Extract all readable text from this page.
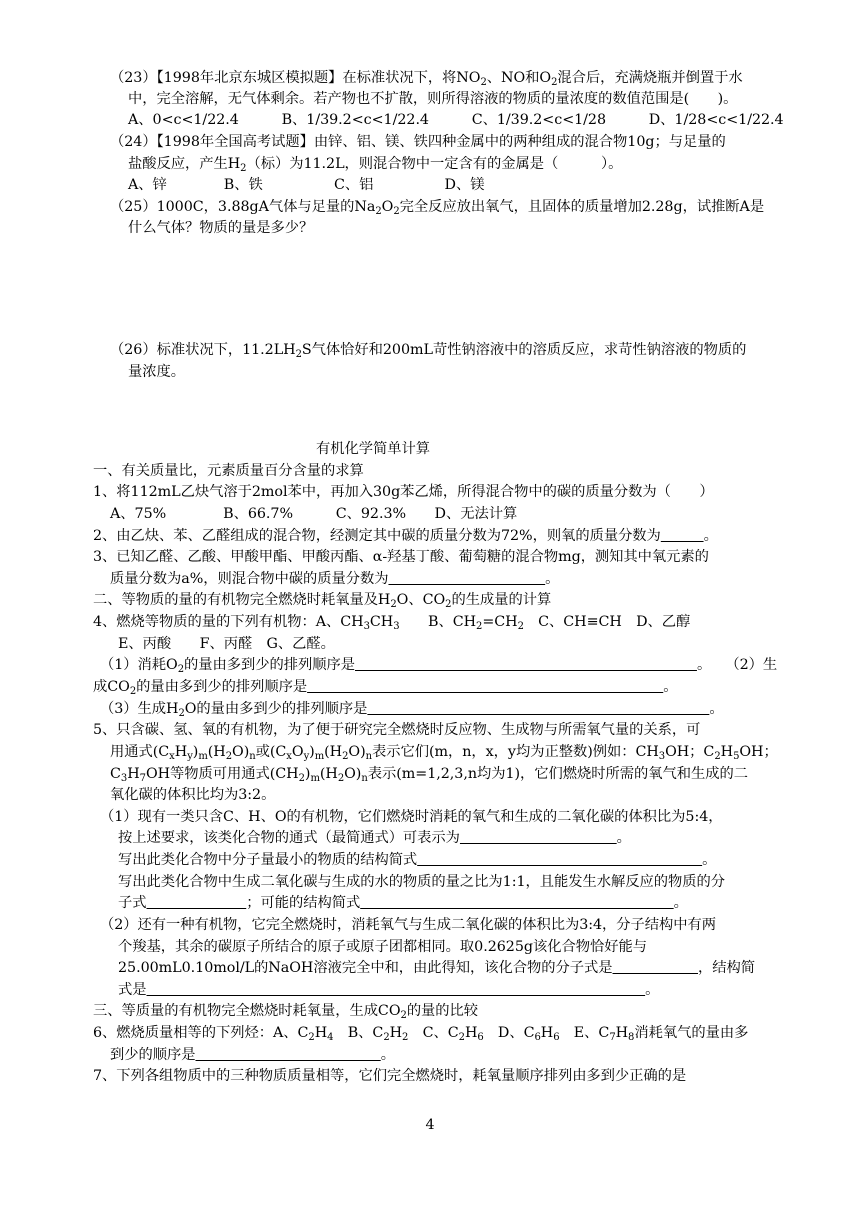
（23）【1998年北京东城区模拟题】在标准状况下，将$NO_2$、NO和$O_2$混合后，充满烧瓶并倒置于水
中，完全溶解，无气体剩余。若产物也不扩散，则所得溶液的物质的量浓度的数值范围是(　　)。
A、0<c<1/22.4　　　B、1/39.2<c<1/22.4　　　C、1/39.2<c<1/28　　　D、1/28<c<1/22.4
（24）【1998年全国高考试题】由锌、铝、镁、铁四种金属中的两种组成的混合物10g；与足量的
盐酸反应，产生$H_2$（标）为11.2L，则混合物中一定含有的金属是（　　　）。
A、锌　　　　B、铁　　　　　C、铝　　　　　D、镁
（25）1000C，3.88gA气体与足量的$Na_2O_2$完全反应放出氧气，且固体的质量增加2.28g，试推断A是
什么气体？物质的量是多少？
（26）标准状况下，$11.2LH_2S$气体恰好和200mL苛性钠溶液中的溶质反应，求苛性钠溶液的物质的
量浓度。
有机化学简单计算
一、有关质量比，元素质量百分含量的求算
1、将112mL乙炔气溶于2mol苯中，再加入30g苯乙烯，所得混合物中的碳的质量分数为（　　）
A、75%　　　　B、66.7%　　　C、92.3%　　D、无法计算
2、由乙炔、苯、乙醛组成的混合物，经测定其中碳的质量分数为72%，则氧的质量分数为　　　	。
3、已知乙醛、乙酸、甲酸甲酯、甲酸丙酯、α-羟基丁酸、葡萄糖的混合物mg，测知其中氧元素的
质量分数为a%，则混合物中碳的质量分数为　　　　　　　　　　　	。
二、等物质的量的有机物完全燃烧时耗氧量及$H_2O$、$CO_2$的生成量的计算
4、燃烧等物质的量的下列有机物：A、$CH_3CH_3$　　B、$CH_2=CH_2$　C、CH≡CH　D、乙醇
E、丙酸　　F、丙醛　G、乙醛。
（1）消耗$O_2$的量由多到少的排列顺序是　　　　　　　　　　　　　　　　　　　　　　　　	。　　（2）生
成$CO_2$的量由多到少的排列顺序是　　　　　　　　　　　　　　　　　　　　　　　　　	。
（3）生成$H_2O$的量由多到少的排列顺序是　　　　　　　　　　　　　　　　　　　　　　　　	。
5、只含碳、氢、氧的有机物，为了便于研究完全燃烧时反应物、生成物与所需氧气量的关系，可
用通式$(C_xH_y)_m(H_2O)_n$或$(C_xO_y)_m(H_2O)_n$表示它们(m，n，x，y均为正整数)例如：$CH_3OH$；$C_2H_5OH$；
$C_3H_7OH$等物质可用通式$(CH_2)_m(H_2O)_n$表示(m=1,2,3,n均为1)，它们燃烧时所需的氧气和生成的二
氧化碳的体积比均为3:2。
（1）现有一类只含C、H、O的有机物，它们燃烧时消耗的氧气和生成的二氧化碳的体积比为5:4，
按上述要求，该类化合物的通式（最简通式）可表示为　　　　　　　　　　　	。
写出此类化合物中分子量最小的物质的结构简式　　　　　　　　　　　　　　　　　　　　	。
写出此类化合物中生成二氧化碳与生成的水的物质的量之比为1:1，且能发生水解反应的物质的分
子式　　　　　　　	；可能的结构简式　　　　　　　　　　　　　　　　　　　　　　	。
（2）还有一种有机物，它完全燃烧时，消耗氧气与生成二氧化碳的体积比为3:4，分子结构中有两
个羧基，其余的碳原子所结合的原子或原子团都相同。取0.2625g该化合物恰好能与
25.00mL0.10mol/L的NaOH溶液完全中和，由此得知，该化合物的分子式是　　　　　　	，结构简
式是　　　　　　　　　　　　　　　　　　　　　　　　　　　　　　　　　　　	。
三、等质量的有机物完全燃烧时耗氧量，生成$CO_2$的量的比较
6、燃烧质量相等的下列烃：A、$C_2H_4$　B、$C_2H_2$　C、$C_2H_6$　D、$C_6H_6$　E、$C_7H_8$消耗氧气的量由多
到少的顺序是　　　　　　　　　　　　　	。
7、下列各组物质中的三种物质质量相等，它们完全燃烧时，耗氧量顺序排列由多到少正确的是
4
